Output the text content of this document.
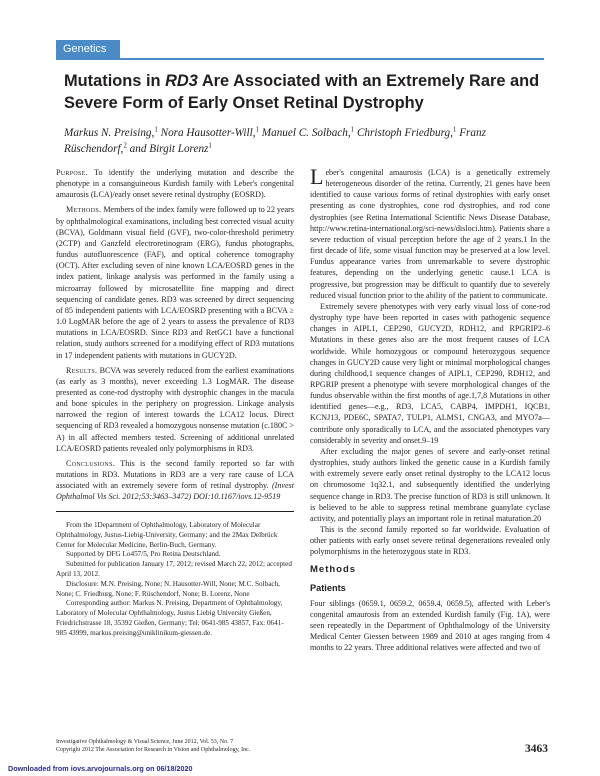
Genetics
Mutations in RD3 Are Associated with an Extremely Rare and Severe Form of Early Onset Retinal Dystrophy
Markus N. Preising,$^1$ Nora Hausotter-Will,$^1$ Manuel C. Solbach,$^1$ Christoph Friedburg,$^1$ Franz Rüschendorf,$^2$ and Birgit Lorenz$^1$

Purpose. To identify the underlying mutation and describe the phenotype in a consanguineous Kurdish family with Leber's congenital amaurosis (LCA)/early onset severe retinal dystrophy (EOSRD).

Methods. Members of the index family were followed up to 22 years by ophthalmological examinations, including best corrected visual acuity (BCVA), Goldmann visual field (GVF), two-color-threshold perimetry (2CTP) and Ganzfeld electroretinogram (ERG), fundus photographs, fundus autofluorescence (FAF), and optical coherence tomography (OCT). After excluding seven of nine known LCA/EOSRD genes in the index patient, linkage analysis was performed in the family using a microarray followed by microsatellite fine mapping and direct sequencing of candidate genes. RD3 was screened by direct sequencing of 85 independent patients with LCA/EOSRD presenting with a BCVA ≥ 1.0 LogMAR before the age of 2 years to assess the prevalence of RD3 mutations in LCA/EOSRD. Since RD3 and RetGC1 have a functional relation, study authors screened for a modifying effect of RD3 mutations in 17 independent patients with mutations in GUCY2D.

Results. BCVA was severely reduced from the earliest examinations (as early as 3 months), never exceeding 1.3 LogMAR. The disease presented as cone-rod dystrophy with dystrophic changes in the macula and bone spicules in the periphery on progression. Linkage analysis narrowed the region of interest towards the LCA12 locus. Direct sequencing of RD3 revealed a homozygous nonsense mutation (c.180C > A) in all affected members tested. Screening of additional unrelated LCA/EOSRD patients revealed only polymorphisms in RD3.

Conclusions. This is the second family reported so far with mutations in RD3. Mutations in RD3 are a very rare cause of LCA associated with an extremely severe form of retinal dystrophy. (Invest Ophthalmol Vis Sci. 2012;53:3463–3472) DOI:10.1167/iovs.12-9519

From the 1Department of Ophthalmology, Laboratory of Molecular Ophthalmology, Justus-Liebig-University, Germany; and the 2Max Delbrück Center for Molecular Medicine, Berlin-Buch, Germany.

Supported by DFG Lo457/5, Pro Retina Deutschland.

Submitted for publication January 17, 2012; revised March 22, 2012; accepted April 13, 2012.

Disclosure: M.N. Preising, None; N. Hausotter-Will, None; M.C. Solbach, None; C. Friedburg, None; F. Rüschendorf, None; B. Lorenz, None

Corresponding author: Markus N. Preising, Department of Ophthalmology, Laboratory of Molecular Ophthalmology, Justus Liebig University Gießen, Friedrichstrasse 18, 35392 Gießen, Germany; Tel: 0641-985 43857, Fax: 0641-985 43999, markus.preising@uniklinikum-giessen.de.

Leber's congenital amaurosis (LCA) is a genetically extremely heterogeneous disorder of the retina. Currently, 21 genes have been identified to cause various forms of retinal dystrophies with early onset presenting as cone dystrophies, cone rod dystrophies, and rod cone dystrophies (see Retina International Scientific News Disease Database, http://www.retina-international.org/sci-news/disloci.htm). Patients share a severe reduction of visual perception before the age of 2 years.1 In the first decade of life, some visual function may be preserved at a low level. Fundus appearance varies from unremarkable to severe dystrophic features, depending on the underlying genetic cause.1 LCA is progressive, but progression may be difficult to quantify due to severely reduced visual function prior to the ability of the patient to communicate.

Extremely severe phenotypes with very early visual loss of cone-rod dystrophy type have been reported in cases with pathogenic sequence changes in AIPL1, CEP290, GUCY2D, RDH12, and RPGRIP2–6 Mutations in these genes also are the most frequent causes of LCA worldwide. While homozygous or compound heterozygous sequence changes in GUCY2D cause very light or minimal morphological changes during childhood,1 sequence changes of AIPL1, CEP290, RDH12, and RPGRIP present a phenotype with severe morphological changes of the fundus observable within the first months of age.1,7,8 Mutations in other identified genes—e.g., RD3, LCA5, CABP4, IMPDH1, IQCB1, KCNJ13, PDE6C, SPATA7, TULP1, ALMS1, CNGA3, and MYO7a—contribute only sporadically to LCA, and the associated phenotypes vary considerably in severity and onset.9–19

After excluding the major genes of severe and early-onset retinal dystrophies, study authors linked the genetic cause in a Kurdish family with extremely severe early onset retinal dystrophy to the LCA12 locus on chromosome 1q32.1, and subsequently identified the underlying sequence change in RD3. The precise function of RD3 is still unknown. It is believed to be able to suppress retinal membrane guanylate cyclase activity, and potentially plays an important role in retinal maturation.20

This is the second family reported so far worldwide. Evaluation of other patients with early onset severe retinal degenerations revealed only polymorphisms in the heterozygous state in RD3.

Methods
Patients

Four siblings (0659.1, 0659.2, 0659.4, 0659.5), affected with Leber's congenital amaurosis from an extended Kurdish family (Fig. 1A), were seen repeatedly in the Department of Ophthalmology of the University Medical Center Giessen between 1989 and 2010 at ages ranging from 4 months to 22 years. Three additional relatives were affected and two of

Investigative Ophthalmology & Visual Science, June 2012, Vol. 53, No. 7
Copyright 2012 The Association for Research in Vision and Ophthalmology, Inc.	3463
Downloaded from iovs.arvojournals.org on 06/18/2020
